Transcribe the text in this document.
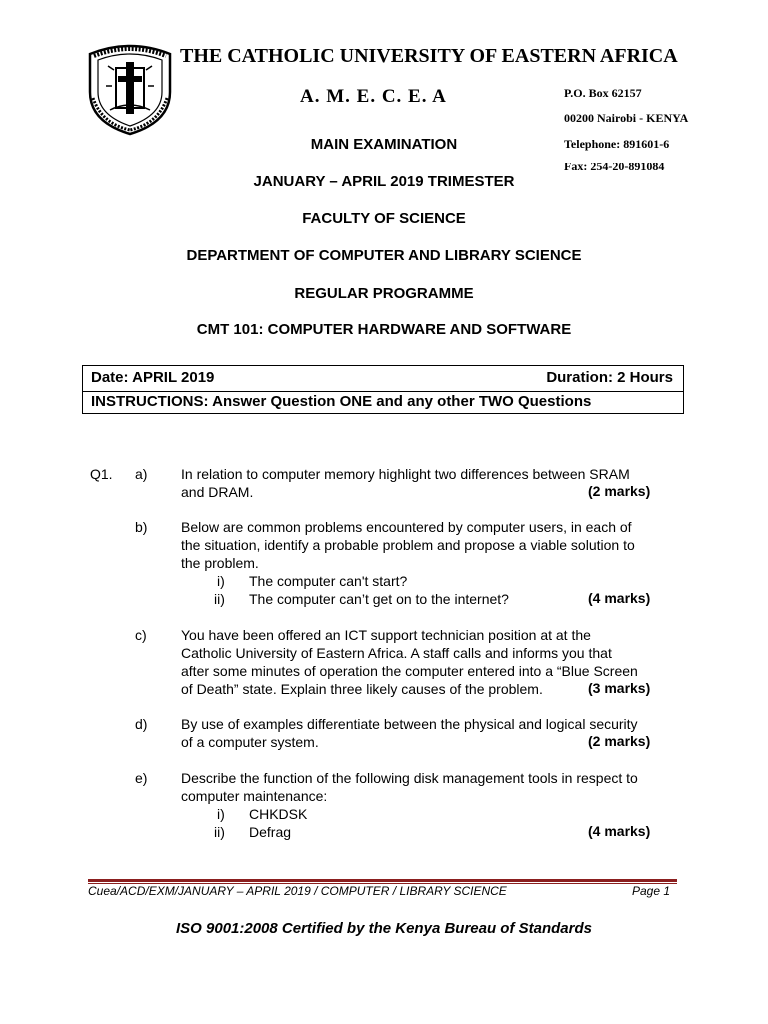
THE CATHOLIC UNIVERSITY OF EASTERN AFRICA
A. M. E. C. E. A	P.O. Box 62157
00200 Nairobi - KENYA
Telephone: 891601-6
Fax: 254-20-891084
MAIN EXAMINATION
JANUARY – APRIL 2019 TRIMESTER
FACULTY OF SCIENCE
DEPARTMENT OF COMPUTER AND LIBRARY SCIENCE
REGULAR PROGRAMME
CMT 101: COMPUTER HARDWARE AND SOFTWARE
Date: APRIL 2019	Duration: 2 Hours
INSTRUCTIONS: Answer Question ONE and any other TWO Questions
Q1. a) In relation to computer memory highlight two differences between SRAM
and DRAM.	(2 marks)
b) Below are common problems encountered by computer users, in each of
the situation, identify a probable problem and propose a viable solution to
the problem.
i) The computer can't start?
ii) The computer can’t get on to the internet?	(4 marks)
c) You have been offered an ICT support technician position at at the
Catholic University of Eastern Africa. A staff calls and informs you that
after some minutes of operation the computer entered into a “Blue Screen
of Death” state. Explain three likely causes of the problem.	(3 marks)
d) By use of examples differentiate between the physical and logical security
of a computer system.	(2 marks)
e) Describe the function of the following disk management tools in respect to
computer maintenance:
i) CHKDSK
ii) Defrag	(4 marks)
Cuea/ACD/EXM/JANUARY – APRIL 2019 / COMPUTER / LIBRARY SCIENCE	Page 1
ISO 9001:2008 Certified by the Kenya Bureau of Standards
